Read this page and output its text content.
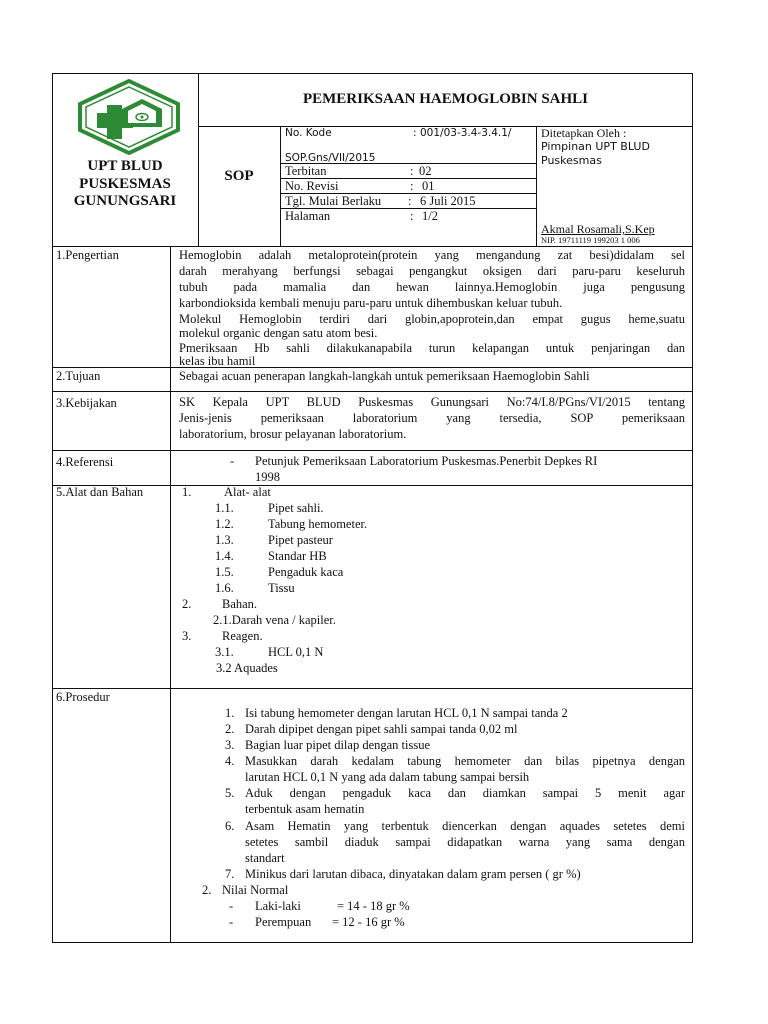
UPT BLUD
PUSKESMAS
GUNUNGSARI
PEMERIKSAAN HAEMOGLOBIN SAHLI
SOP
No. Kode	: 001/03-3.4-3.4.1/
SOP.Gns/VII/2015
Terbitan	: 02
No. Revisi	: 01
Tgl. Mulai Berlaku : 6 Juli 2015
Halaman	: 1/2
Ditetapkan Oleh :
Pimpinan UPT BLUD
Puskesmas
Akmal Rosamali,S.Kep
NIP. 19711119 199203 1 006
1.Pengertian	Hemoglobin adalah metaloprotein(protein yang mengandung zat besi)didalam sel
darah merahyang berfungsi sebagai pengangkut oksigen dari paru-paru keseluruh
tubuh pada mamalia dan hewan lainnya.Hemoglobin juga pengusung
karbondioksida kembali menuju paru-paru untuk dihembuskan keluar tubuh.
Molekul Hemoglobin terdiri dari globin,apoprotein,dan empat gugus heme,suatu
molekul organic dengan satu atom besi.
Pmeriksaan Hb sahli dilakukanapabila turun kelapangan untuk penjaringan dan
kelas ibu hamil
2.Tujuan	Sebagai acuan penerapan langkah-langkah untuk pemeriksaan Haemoglobin Sahli
3.Kebijakan	SK Kepala UPT BLUD Puskesmas Gunungsari No:74/I.8/PGns/VI/2015 tentang
Jenis-jenis pemeriksaan laboratorium yang tersedia, SOP pemeriksaan
laboratorium, brosur pelayanan laboratorium.
4.Referensi	- Petunjuk Pemeriksaan Laboratorium Puskesmas.Penerbit Depkes RI
1998
5.Alat dan Bahan	1.	Alat- alat
1.1.	Pipet sahli.
1.2.	Tabung hemometer.
1.3.	Pipet pasteur
1.4.	Standar HB
1.5.	Pengaduk kaca
1.6.	Tissu
2. Bahan.
2.1.Darah vena / kapiler.
3. Reagen.
3.1.	HCL 0,1 N
3.2 Aquades
6.Prosedur
1. Isi tabung hemometer dengan larutan HCL 0,1 N sampai tanda 2
2. Darah dipipet dengan pipet sahli sampai tanda 0,02 ml
3. Bagian luar pipet dilap dengan tissue
4. Masukkan darah kedalam tabung hemometer dan bilas pipetnya dengan
larutan HCL 0,1 N yang ada dalam tabung sampai bersih
5. Aduk dengan pengaduk kaca dan diamkan sampai 5 menit agar
terbentuk asam hematin
6. Asam Hematin yang terbentuk diencerkan dengan aquades setetes demi
setetes sambil diaduk sampai didapatkan warna yang sama dengan
standart
7. Minikus dari larutan dibaca, dinyatakan dalam gram persen ( gr %)
2. Nilai Normal
- Laki-laki	= 14 - 18 gr %
- Perempuan = 12 - 16 gr %
